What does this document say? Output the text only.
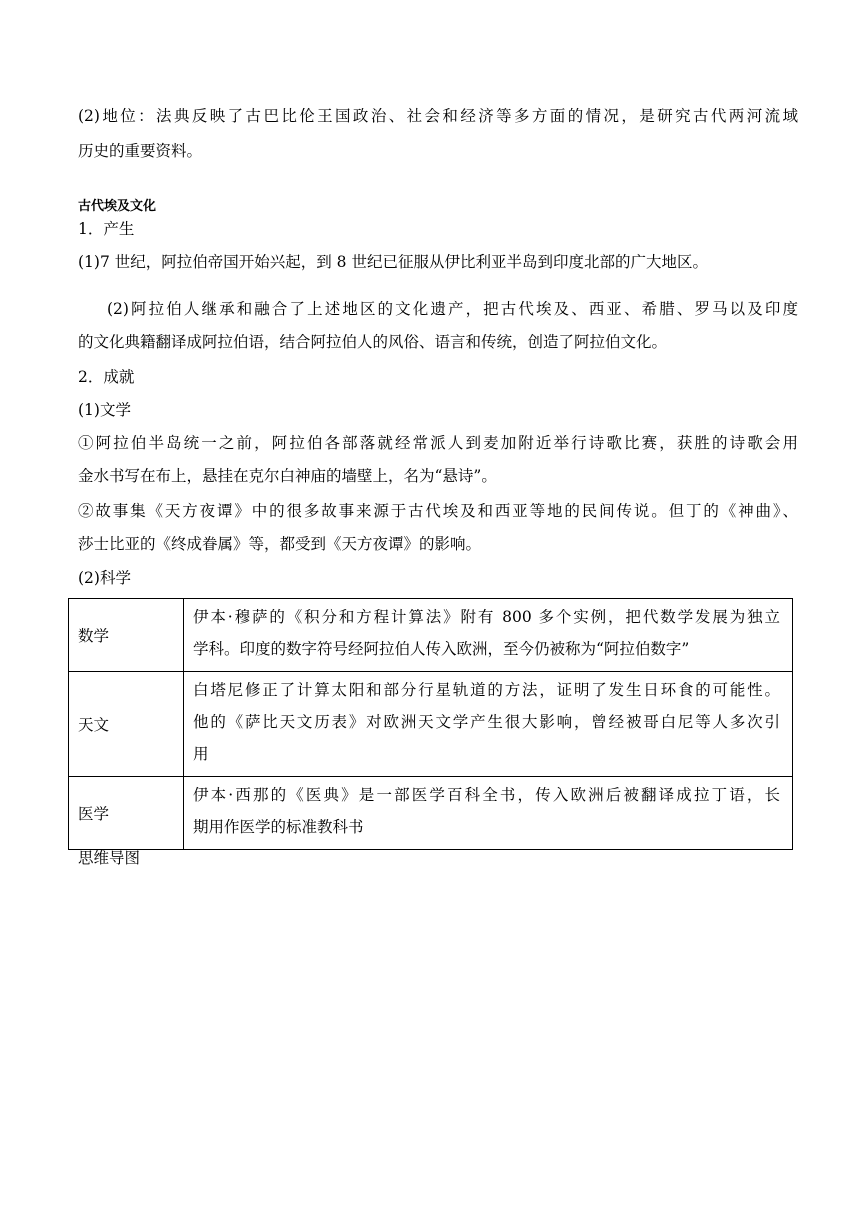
(2)地位：法典反映了古巴比伦王国政治、社会和经济等多方面的情况，是研究古代两河流域
历史的重要资料。
古代埃及文化
1．产生
(1)7 世纪，阿拉伯帝国开始兴起，到 8 世纪已征服从伊比利亚半岛到印度北部的广大地区。
(2)阿拉伯人继承和融合了上述地区的文化遗产，把古代埃及、西亚、希腊、罗马以及印度
的文化典籍翻译成阿拉伯语，结合阿拉伯人的风俗、语言和传统，创造了阿拉伯文化。
2．成就
(1)文学
①阿拉伯半岛统一之前，阿拉伯各部落就经常派人到麦加附近举行诗歌比赛，获胜的诗歌会用
金水书写在布上，悬挂在克尔白神庙的墙壁上，名为“悬诗”。
②故事集《天方夜谭》中的很多故事来源于古代埃及和西亚等地的民间传说。但丁的《神曲》、
莎士比亚的《终成眷属》等，都受到《天方夜谭》的影响。
(2)科学
数学	伊本·穆萨的《积分和方程计算法》附有 800 多个实例，把代数学发展为独立
学科。印度的数字符号经阿拉伯人传入欧洲，至今仍被称为“阿拉伯数字”

天文	白塔尼修正了计算太阳和部分行星轨道的方法，证明了发生日环食的可能性。
他的《萨比天文历表》对欧洲天文学产生很大影响，曾经被哥白尼等人多次引
用

医学	伊本·西那的《医典》是一部医学百科全书，传入欧洲后被翻译成拉丁语，长
期用作医学的标准教科书
思维导图
